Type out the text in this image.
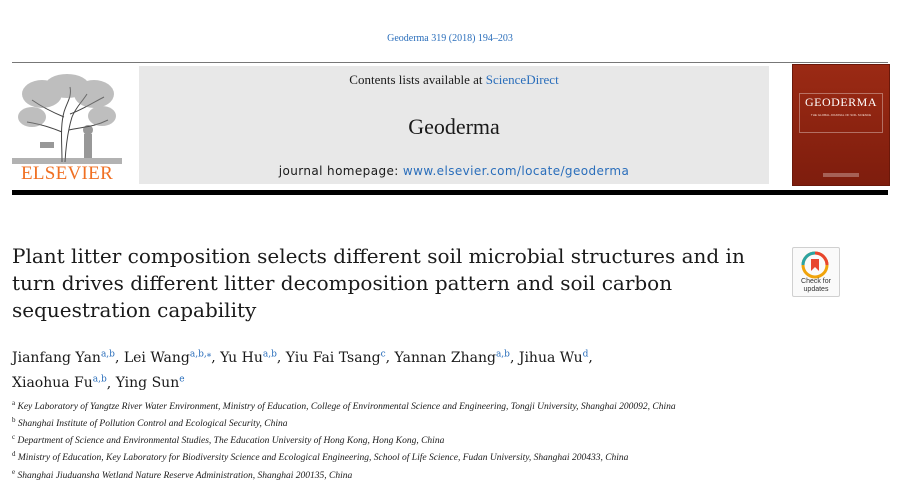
Geoderma 319 (2018) 194–203
ELSEVIER
Contents lists available at ScienceDirect
Geoderma
journal homepage: www.elsevier.com/locate/geoderma
GEODERMA
THE GLOBAL JOURNAL OF SOIL SCIENCE
Plant litter composition selects different soil microbial structures and in turn drives different litter decomposition pattern and soil carbon sequestration capability
Check for
updates
Jianfang Yan$^{a,b}$, Lei Wang$^{a,b,⁎}$, Yu Hu$^{a,b}$, Yiu Fai Tsang$^c$, Yannan Zhang$^{a,b}$, Jihua Wu$^d$,
Xiaohua Fu$^{a,b}$, Ying Sun$^e$

$^a$ Key Laboratory of Yangtze River Water Environment, Ministry of Education, College of Environmental Science and Engineering, Tongji University, Shanghai 200092, China

$^b$ Shanghai Institute of Pollution Control and Ecological Security, China

$^c$ Department of Science and Environmental Studies, The Education University of Hong Kong, Hong Kong, China

$^d$ Ministry of Education, Key Laboratory for Biodiversity Science and Ecological Engineering, School of Life Science, Fudan University, Shanghai 200433, China

$^e$ Shanghai Jiuduansha Wetland Nature Reserve Administration, Shanghai 200135, China
